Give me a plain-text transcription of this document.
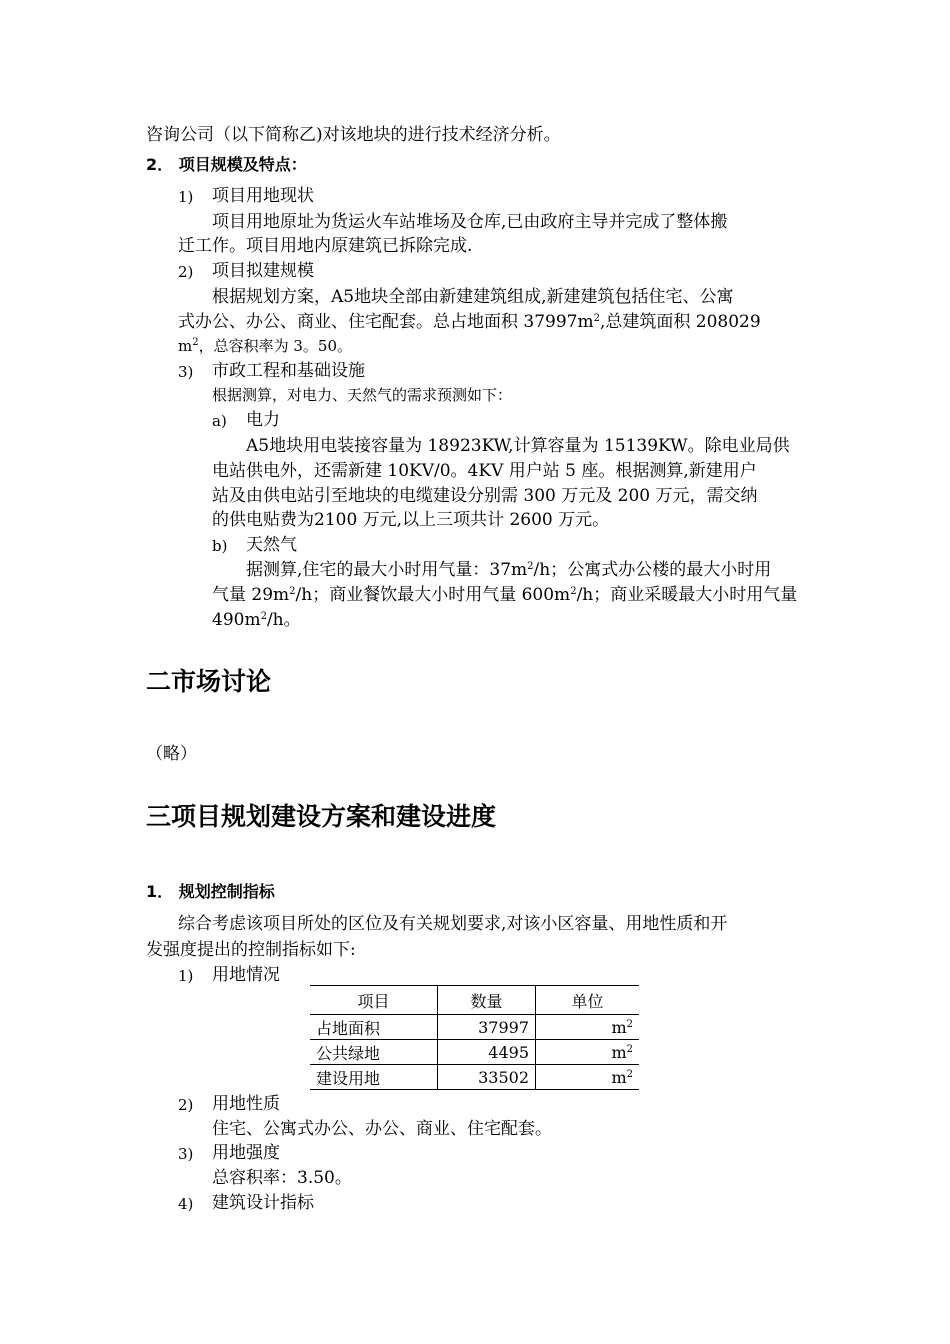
咨询公司（以下简称乙)对该地块的进行技术经济分析。
2． 项目规模及特点：
1) 项目用地现状
项目用地原址为货运火车站堆场及仓库,已由政府主导并完成了整体搬
迁工作。项目用地内原建筑已拆除完成.
2) 项目拟建规模
根据规划方案，A5地块全部由新建建筑组成,新建建筑包括住宅、公寓
式办公、办公、商业、住宅配套。总占地面积 $37997m^2$,总建筑面积 208029
$m^2$，总容积率为 3。50。
3) 市政工程和基础设施
根据测算，对电力、天然气的需求预测如下：
a) 电力
A5地块用电装接容量为 18923KW,计算容量为 15139KW。除电业局供
电站供电外，还需新建 10KV/0。4KV 用户站 5 座。根据测算,新建用户
站及由供电站引至地块的电缆建设分别需 300 万元及 200 万元，需交纳
的供电贴费为2100 万元,以上三项共计 2600 万元。
b) 天然气
据测算,住宅的最大小时用气量：$37m^2/h$；公寓式办公楼的最大小时用
气量 $29m^2/h$；商业餐饮最大小时用气量 $600m^2/h$；商业采暖最大小时用气量
$490m^2/h$。
二市场讨论
（略）
三项目规划建设方案和建设进度
1． 规划控制指标
综合考虑该项目所处的区位及有关规划要求,对该小区容量、用地性质和开
发强度提出的控制指标如下:
1) 用地情况
项目	数量	单位
占地面积	37997	$m^2$
公共绿地	4495	$m^2$
建设用地	33502	$m^2$
2) 用地性质
住宅、公寓式办公、办公、商业、住宅配套。
3) 用地强度
总容积率：3.50。
4) 建筑设计指标
